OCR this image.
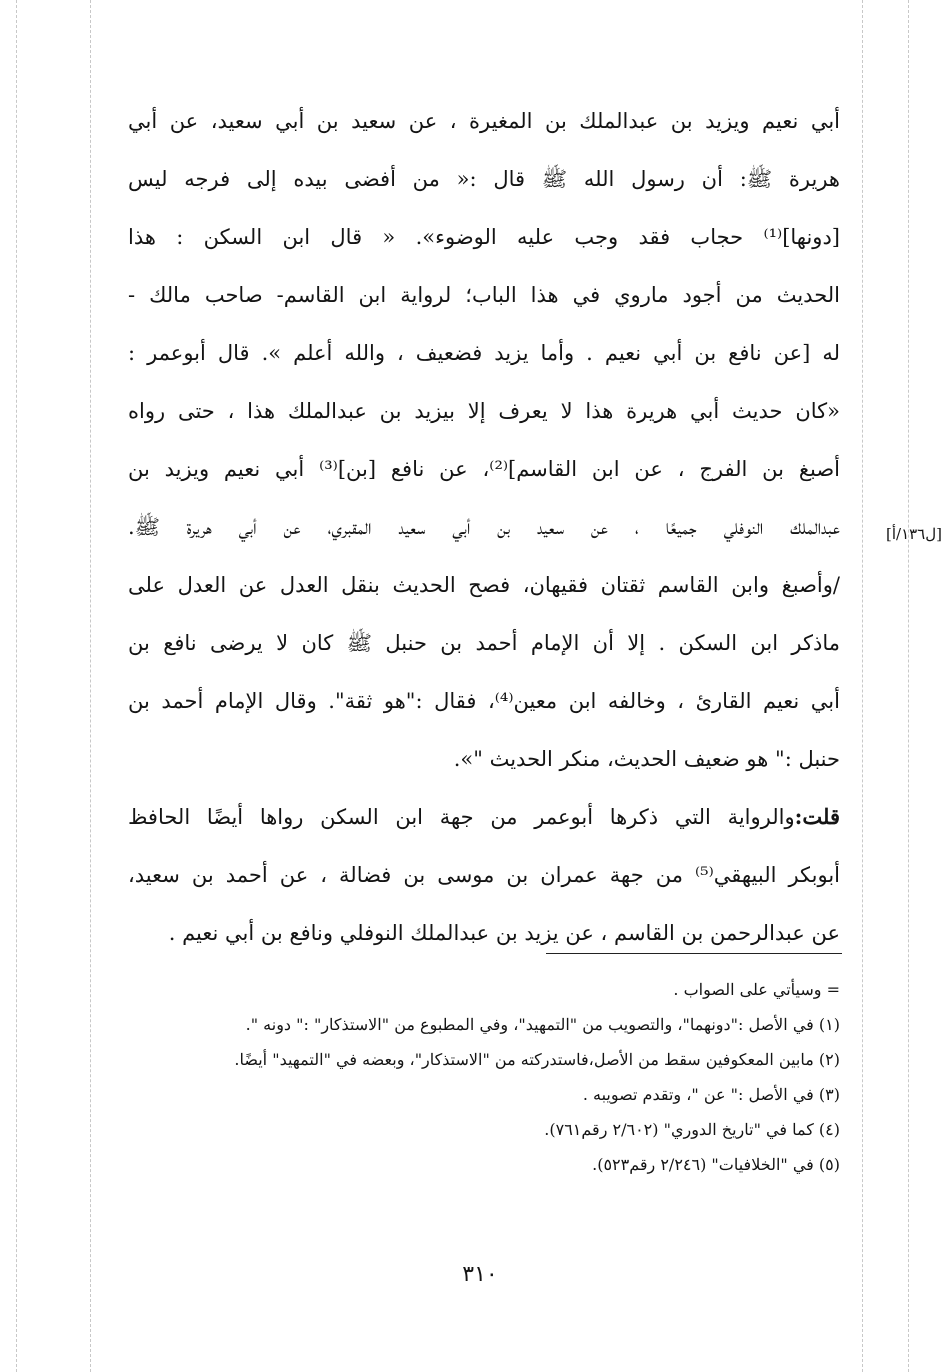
أبي نعيم ويزيد بن عبدالملك بن المغيرة ، عن سعيد بن أبي سعيد، عن أبي
هريرة ﷺ: أن رسول الله ﷺ قال :« من أفضى بيده إلى فرجه ليس
[دونها]⁽¹⁾ حجاب فقد وجب عليه الوضوء». « قال ابن السكن : هذا
الحديث من أجود ماروي في هذا الباب؛ لرواية ابن القاسم- صاحب مالك -
له [عن نافع بن أبي نعيم . وأما يزيد فضعيف ، والله أعلم ». قال أبوعمر :
«كان حديث أبي هريرة هذا لا يعرف إلا بيزيد بن عبدالملك هذا ، حتى رواه
أصبغ بن الفرج ، عن ابن القاسم]⁽²⁾، عن نافع [بن]⁽³⁾ أبي نعيم ويزيد بن
عبدالملك النوفلي جميعًا ، عن سعيد بن أبي سعيد المقبري، عن أبي هريرة ﷺ.
/وأصبغ وابن القاسم ثقتان فقيهان، فصح الحديث بنقل العدل عن العدل على
ماذكر ابن السكن . إلا أن الإمام أحمد بن حنبل ﷺ كان لا يرضى نافع بن
أبي نعيم القارئ ، وخالفه ابن معين⁽⁴⁾، فقال :"هو ثقة". وقال الإمام أحمد بن
حنبل :" هو ضعيف الحديث، منكر الحديث "».
قلت:والرواية التي ذكرها أبوعمر من جهة ابن السكن رواها أيضًا الحافظ
أبوبكر البيهقي⁽⁵⁾ من جهة عمران بن موسى بن فضالة ، عن أحمد بن سعيد،
عن عبدالرحمن بن القاسم ، عن يزيد بن عبدالملك النوفلي ونافع بن أبي نعيم .
[ل١٣٦/أ]
= وسيأتي على الصواب .
(١) في الأصل :"دونهما"، والتصويب من "التمهيد"، وفي المطبوع من "الاستذكار" :" دونه ".
(٢) مابين المعكوفين سقط من الأصل،فاستدركته من "الاستذكار"، وبعضه في "التمهيد" أيضًا.
(٣) في الأصل :" عن "، وتقدم تصويبه .
(٤) كما في "تاريخ الدوري" (٢/٦٠٢ رقم٧٦١).
(٥) في "الخلافيات" (٢/٢٤٦ رقم٥٢٣).
٣١٠
